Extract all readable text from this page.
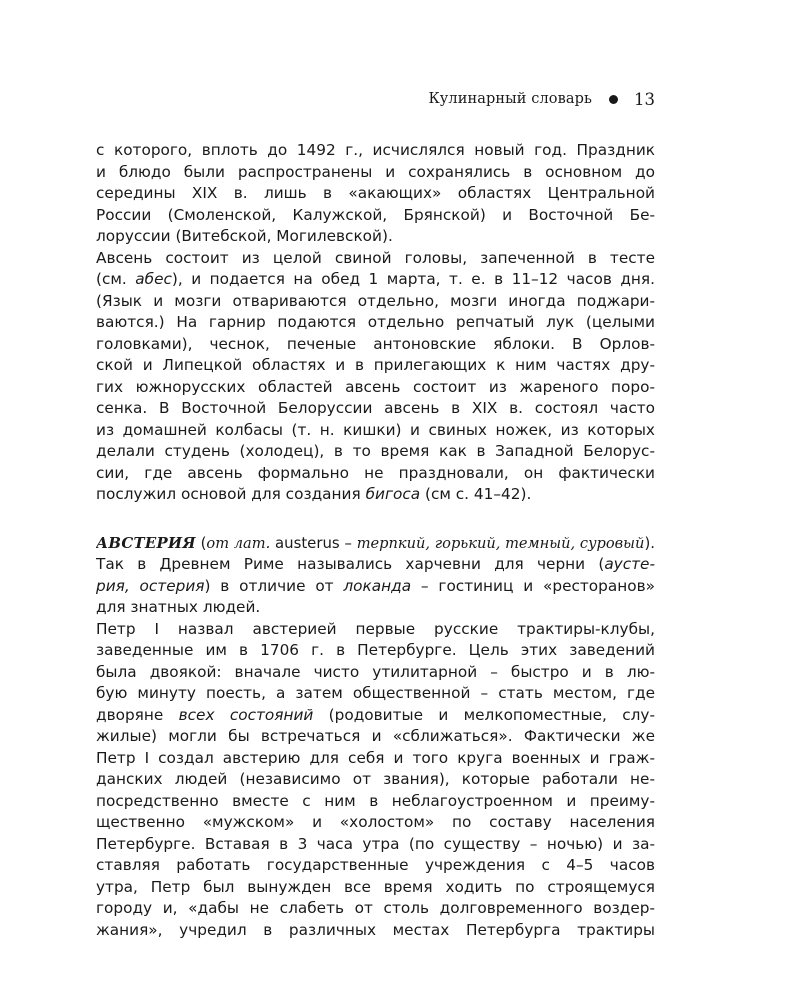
Кулинарный словарь	13
с которого, вплоть до 1492 г., исчислялся новый год. Праздник
и блюдо были распространены и сохранялись в основном до
середины XIX в. лишь в «акающих» областях Центральной
России (Смоленской, Калужской, Брянской) и Восточной Бе-
лоруссии (Витебской, Могилевской).
Авсень состоит из целой свиной головы, запеченной в тесте
(см. абес), и подается на обед 1 марта, т. е. в 11–12 часов дня.
(Язык и мозги отвариваются отдельно, мозги иногда поджари-
ваются.) На гарнир подаются отдельно репчатый лук (целыми
головками), чеснок, печеные антоновские яблоки. В Орлов-
ской и Липецкой областях и в прилегающих к ним частях дру-
гих южнорусских областей авсень состоит из жареного поро-
сенка. В Восточной Белоруссии авсень в XIX в. состоял часто
из домашней колбасы (т. н. кишки) и свиных ножек, из которых
делали студень (холодец), в то время как в Западной Белорус-
сии, где авсень формально не праздновали, он фактически
послужил основой для создания бигоса (см с. 41–42).
АВСТЕРИЯ (от лат. austerus – терпкий, горький, темный, суровый).
Так в Древнем Риме назывались харчевни для черни (аусте-
рия, остерия) в отличие от локанда – гостиниц и «ресторанов»
для знатных людей.
Петр I назвал австерией первые русские трактиры-клубы,
заведенные им в 1706 г. в Петербурге. Цель этих заведений
была двоякой: вначале чисто утилитарной – быстро и в лю-
бую минуту поесть, а затем общественной – стать местом, где
дворяне всех состояний (родовитые и мелкопоместные, слу-
жилые) могли бы встречаться и «сближаться». Фактически же
Петр I создал австерию для себя и того круга военных и граж-
данских людей (независимо от звания), которые работали не-
посредственно вместе с ним в неблагоустроенном и преиму-
щественно «мужском» и «холостом» по составу населения
Петербурге. Вставая в 3 часа утра (по существу – ночью) и за-
ставляя работать государственные учреждения с 4–5 часов
утра, Петр был вынужден все время ходить по строящемуся
городу и, «дабы не слабеть от столь долговременного воздер-
жания», учредил в различных местах Петербурга трактиры
